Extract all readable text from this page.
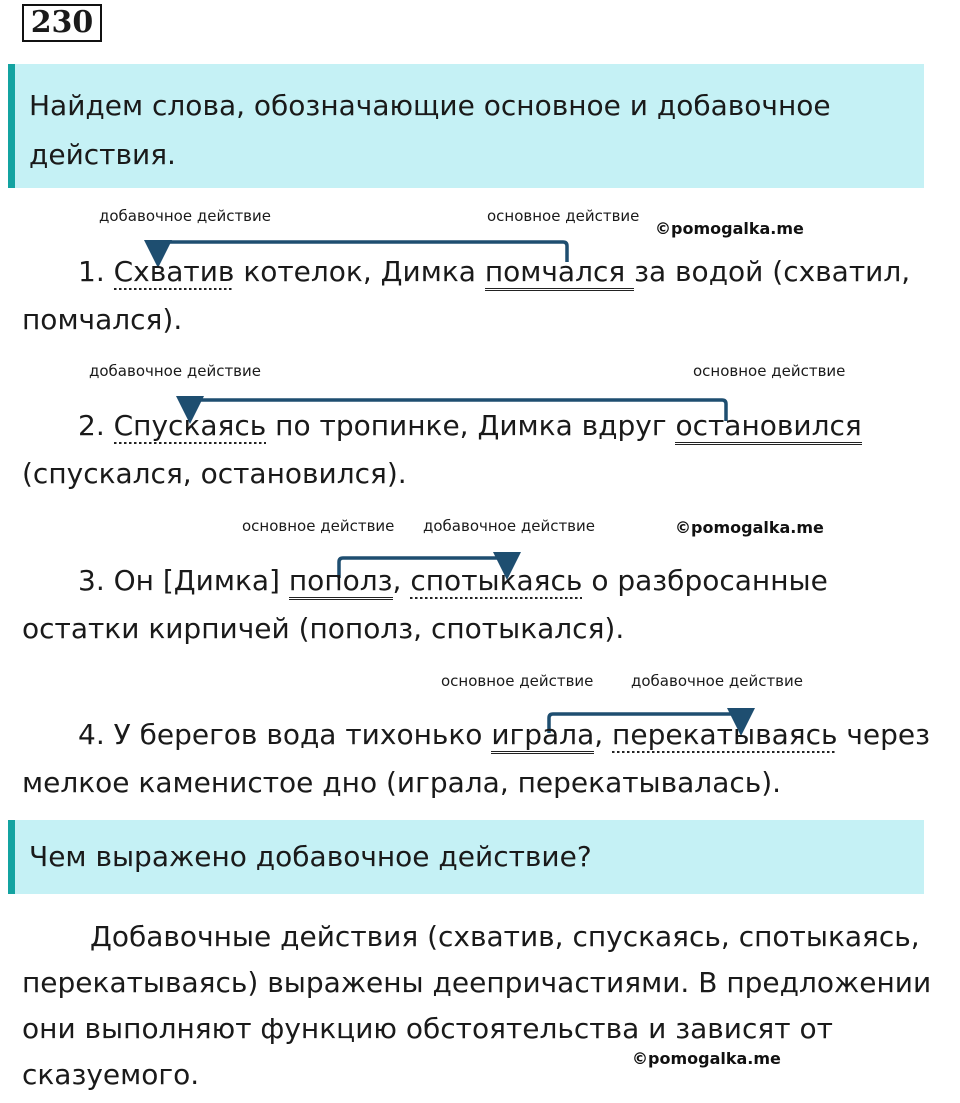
230
Найдем слова, обозначающие основное и добавочное
действия.
добавочное действие	основное действие
©pomogalka.me
1. Схватив котелок, Димка помчался за водой (схватил,
помчался).
добавочное действие	основное действие
2. Спускаясь по тропинке, Димка вдруг остановился
(спускался, остановился).
основное действие добавочное действие	©pomogalka.me
3. Он [Димка] пополз, спотыкаясь о разбросанные
остатки кирпичей (пополз, спотыкался).
основное действие	добавочное действие
4. У берегов вода тихонько играла, перекатываясь через
мелкое каменистое дно (играла, перекатывалась).
Чем выражено добавочное действие?
Добавочные действия (схватив, спускаясь, спотыкаясь,
перекатываясь) выражены деепричастиями. В предложении
они выполняют функцию обстоятельства и зависят от
сказуемого.	©pomogalka.me
